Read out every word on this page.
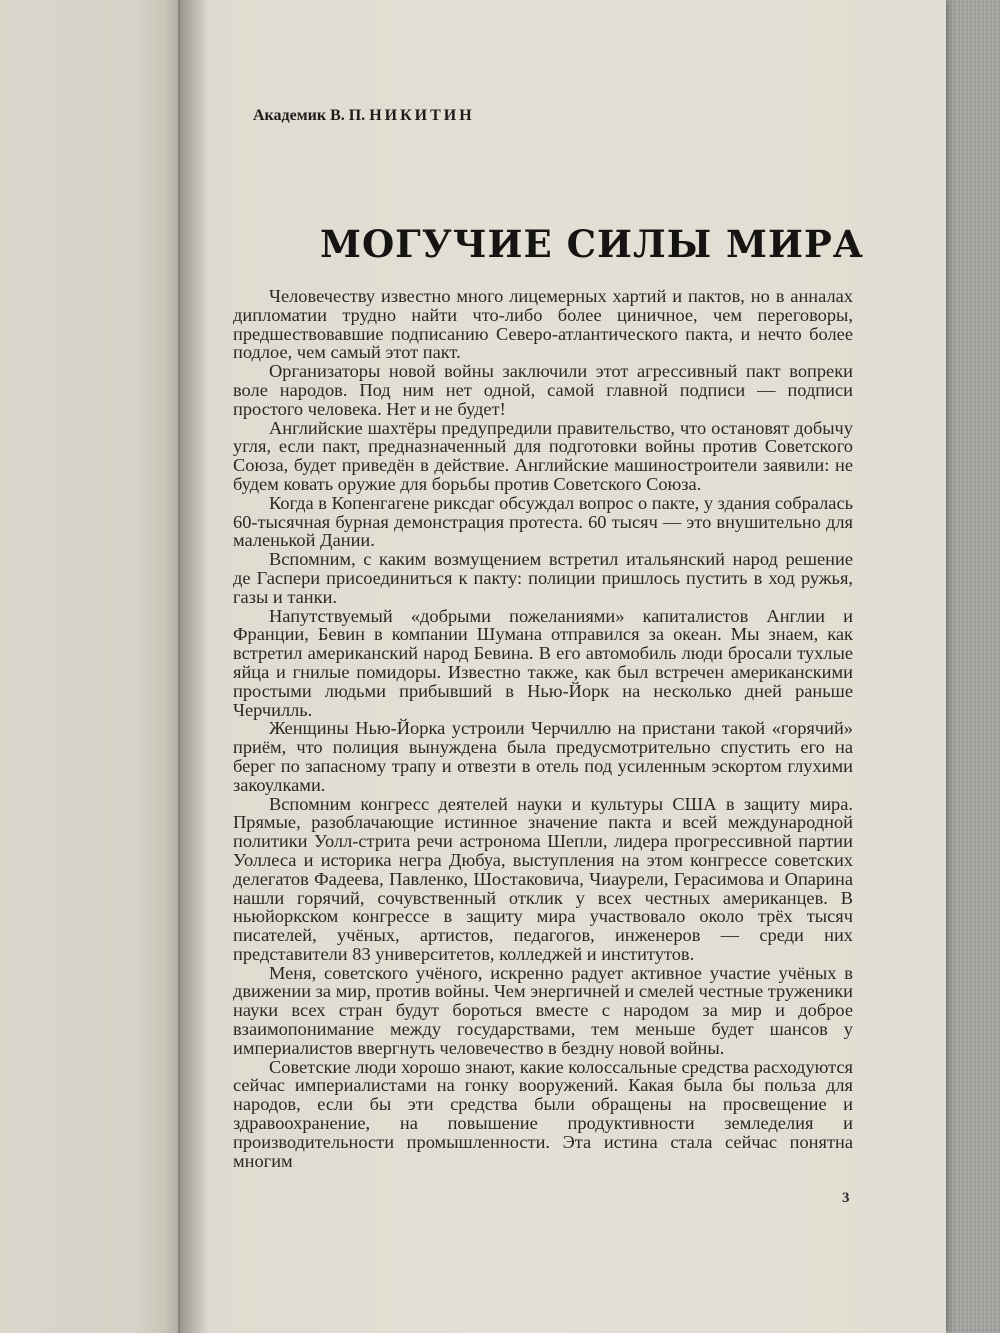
Академик В. П. НИКИТИН
МОГУЧИЕ СИЛЫ МИРА

Человечеству известно много лицемерных хартий и пактов, но в анналах дипломатии трудно найти что-либо более циничное, чем переговоры, предшествовавшие подписанию Северо-атлантического пакта, и нечто более подлое, чем самый этот пакт.

Организаторы новой войны заключили этот агрессивный пакт вопреки воле народов. Под ним нет одной, самой главной подписи — подписи простого человека. Нет и не будет!

Английские шахтёры предупредили правительство, что остановят добычу угля, если пакт, предназначенный для подготовки войны против Советского Союза, будет приведён в действие. Английские машиностроители заявили: не будем ковать оружие для борьбы против Советского Союза.

Когда в Копенгагене риксдаг обсуждал вопрос о пакте, у здания собралась 60-тысячная бурная демонстрация протеста. 60 тысяч — это внушительно для маленькой Дании.

Вспомним, с каким возмущением встретил итальянский народ решение де Гаспери присоединиться к пакту: полиции пришлось пустить в ход ружья, газы и танки.

Напутствуемый «добрыми пожеланиями» капиталистов Англии и Франции, Бевин в компании Шумана отправился за океан. Мы знаем, как встретил американский народ Бевина. В его автомобиль люди бросали тухлые яйца и гнилые помидоры. Известно также, как был встречен американскими простыми людьми прибывший в Нью-Йорк на несколько дней раньше Черчилль.

Женщины Нью-Йорка устроили Черчиллю на пристани такой «горячий» приём, что полиция вынуждена была предусмотрительно спустить его на берег по запасному трапу и отвезти в отель под усиленным эскортом глухими закоулками.

Вспомним конгресс деятелей науки и культуры США в защиту мира. Прямые, разоблачающие истинное значение пакта и всей международной политики Уолл-стрита речи астронома Шепли, лидера прогрессивной партии Уоллеса и историка негра Дюбуа, выступления на этом конгрессе советских делегатов Фадеева, Павленко, Шостаковича, Чиаурели, Герасимова и Опарина нашли горячий, сочувственный отклик у всех честных американцев. В ньюйоркском конгрессе в защиту мира участвовало около трёх тысяч писателей, учёных, артистов, педагогов, инженеров — среди них представители 83 университетов, колледжей и институтов.

Меня, советского учёного, искренно радует активное участие учёных в движении за мир, против войны. Чем энергичней и смелей честные труженики науки всех стран будут бороться вместе с народом за мир и доброе взаимопонимание между государствами, тем меньше будет шансов у империалистов ввергнуть человечество в бездну новой войны.

Советские люди хорошо знают, какие колоссальные средства расходуются сейчас империалистами на гонку вооружений. Какая была бы польза для народов, если бы эти средства были обращены на просвещение и здравоохранение, на повышение продуктивности земледелия и производительности промышленности. Эта истина стала сейчас понятна многим

3
